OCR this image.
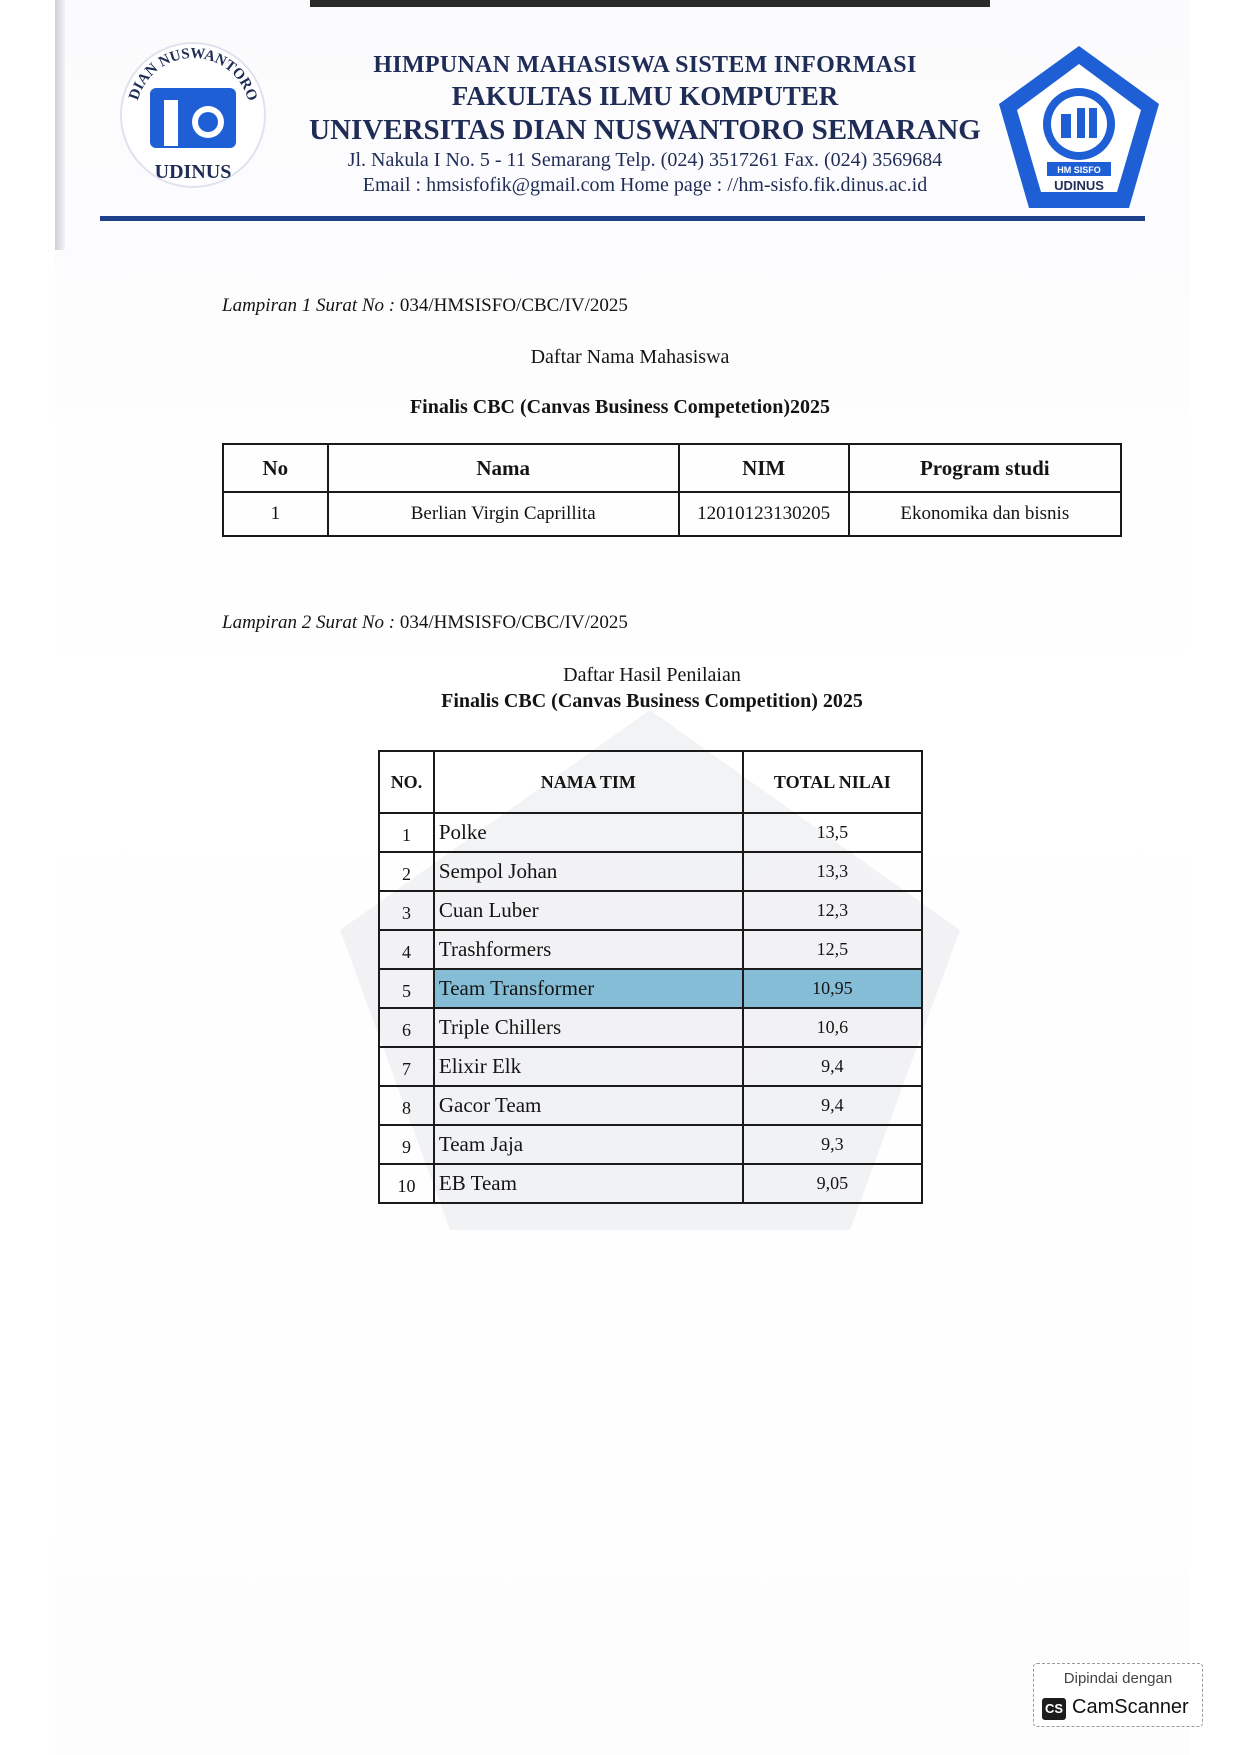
DIAN NUSWANTORO
UDINUS
HIMPUNAN MAHASISWA SISTEM INFORMASI
FAKULTAS ILMU KOMPUTER
UNIVERSITAS DIAN NUSWANTORO SEMARANG
Jl. Nakula I No. 5 - 11 Semarang Telp. (024) 3517261 Fax. (024) 3569684
Email : hmsisfofik@gmail.com Home page : //hm-sisfo.fik.dinus.ac.id
HM SISFO
UDINUS
Lampiran 1 Surat No : 034/HMSISFO/CBC/IV/2025
Daftar Nama Mahasiswa
Finalis CBC (Canvas Business Competetion)2025
No	Nama	NIM	Program studi
1	Berlian Virgin Caprillita	12010123130205	Ekonomika dan bisnis
Lampiran 2 Surat No : 034/HMSISFO/CBC/IV/2025
Daftar Hasil Penilaian
Finalis CBC (Canvas Business Competition) 2025
NO.	NAMA TIM	TOTAL NILAI
1	Polke	13,5
2	Sempol Johan	13,3
3	Cuan Luber	12,3
4	Trashformers	12,5
5	Team Transformer	10,95
6	Triple Chillers	10,6
7	Elixir Elk	9,4
8	Gacor Team	9,4
9	Team Jaja	9,3
10	EB Team	9,05
Dipindai dengan
CS CamScanner
